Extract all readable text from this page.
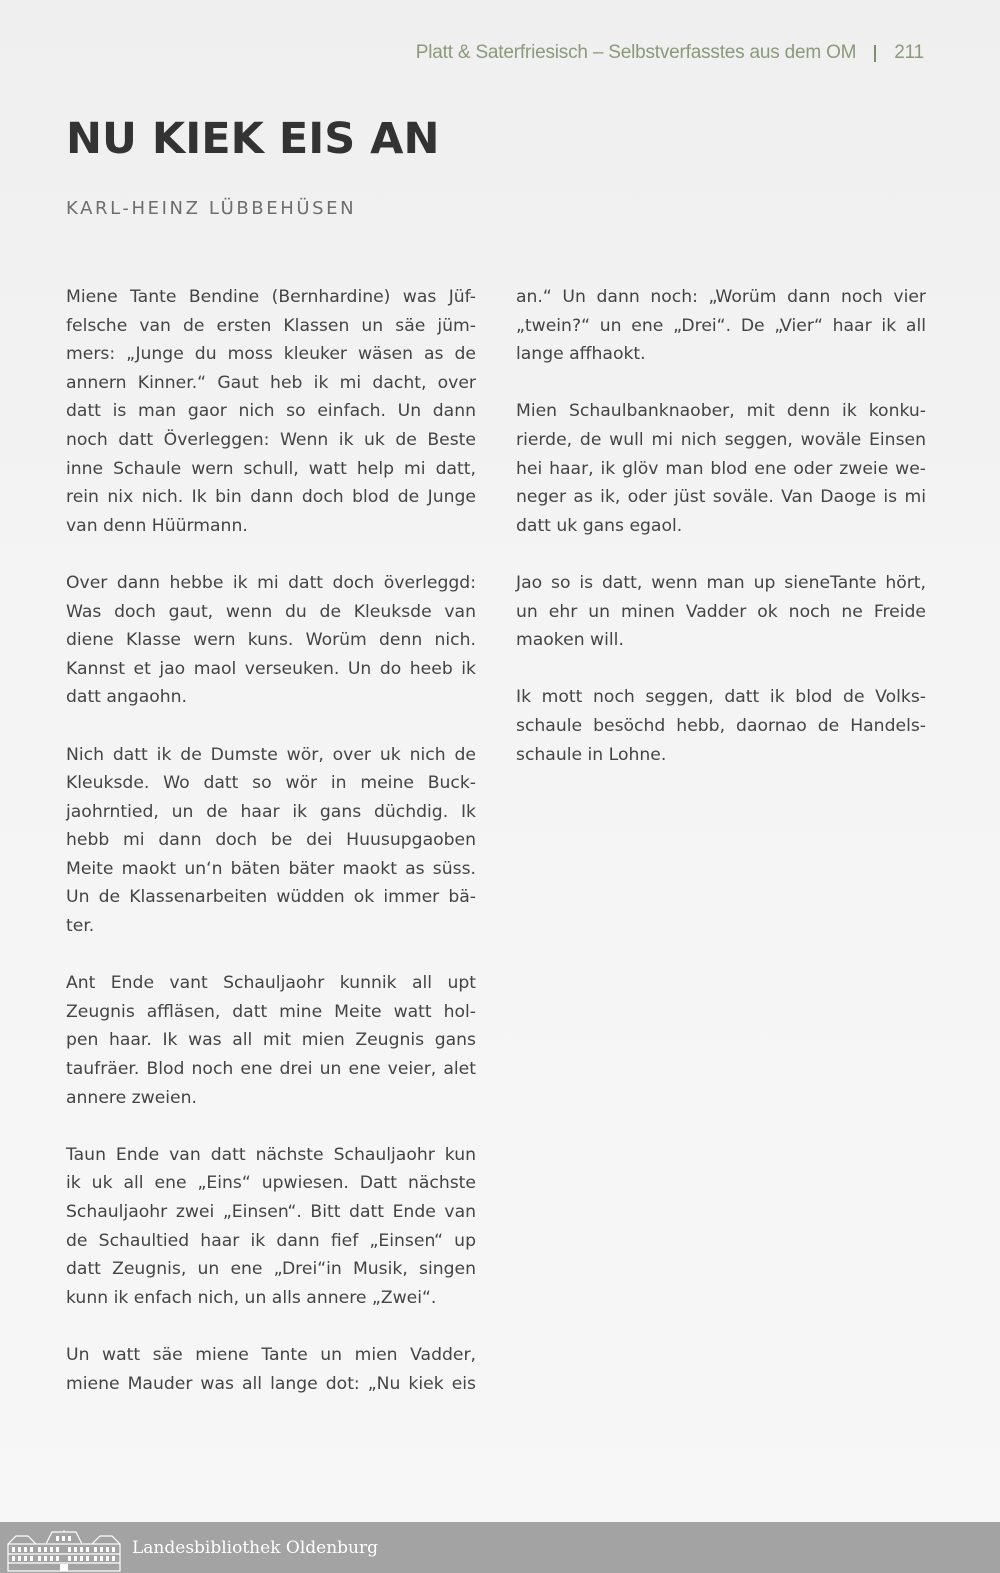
Platt & Saterfriesisch – Selbstverfasstes aus dem OM 211
NU KIEK EIS AN
KARL-HEINZ LÜBBEHÜSEN

Miene Tante Bendine (Bernhardine) was Jüf-
felsche van de ersten Klassen un säe jüm-
mers: „Junge du moss kleuker wäsen as de
annern Kinner.“ Gaut heb ik mi dacht, over
datt is man gaor nich so einfach. Un dann
noch datt Överleggen: Wenn ik uk de Beste
inne Schaule wern schull, watt help mi datt,
rein nix nich. Ik bin dann doch blod de Junge
van denn Hüürmann.

Over dann hebbe ik mi datt doch överleggd:
Was doch gaut, wenn du de Kleuksde van
diene Klasse wern kuns. Worüm denn nich.
Kannst et jao maol verseuken. Un do heeb ik
datt angaohn.

Nich datt ik de Dumste wör, over uk nich de
Kleuksde. Wo datt so wör in meine Buck-
jaohrntied, un de haar ik gans düchdig. Ik
hebb mi dann doch be dei Huusupgaoben
Meite maokt un‘n bäten bäter maokt as süss.
Un de Klassenarbeiten wüdden ok immer bä-
ter.

Ant Ende vant Schauljaohr kunnik all upt
Zeugnis affläsen, datt mine Meite watt hol-
pen haar. Ik was all mit mien Zeugnis gans
taufräer. Blod noch ene drei un ene veier, alet
annere zweien.

Taun Ende van datt nächste Schauljaohr kun
ik uk all ene „Eins“ upwiesen. Datt nächste
Schauljaohr zwei „Einsen“. Bitt datt Ende van
de Schaultied haar ik dann fief „Einsen“ up
datt Zeugnis, un ene „Drei“in Musik, singen
kunn ik enfach nich, un alls annere „Zwei“.

Un watt säe miene Tante un mien Vadder,
miene Mauder was all lange dot: „Nu kiek eis

an.“ Un dann noch: „Worüm dann noch vier
„twein?“ un ene „Drei“. De „Vier“ haar ik all
lange affhaokt.

Mien Schaulbanknaober, mit denn ik konku-
rierde, de wull mi nich seggen, woväle Einsen
hei haar, ik glöv man blod ene oder zweie we-
neger as ik, oder jüst soväle. Van Daoge is mi
datt uk gans egaol.

Jao so is datt, wenn man up sieneTante hört,
un ehr un minen Vadder ok noch ne Freide
maoken will.

Ik mott noch seggen, datt ik blod de Volks-
schaule besöchd hebb, daornao de Handels-
schaule in Lohne.

Landesbibliothek Oldenburg
